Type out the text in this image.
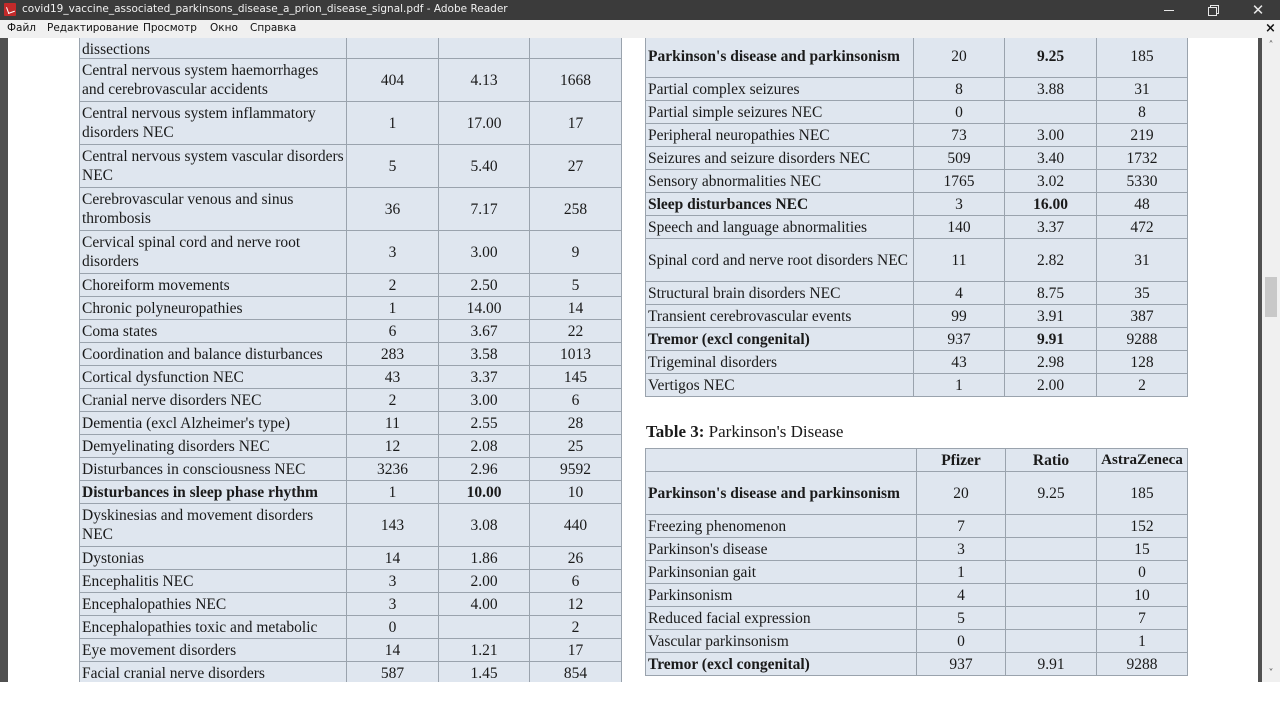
covid19_vaccine_associated_parkinsons_disease_a_prion_disease_signal.pdf - Adobe Reader	✕
Файл Редактирование Просмотр Окно Справка	×
dissections			
Central nervous system haemorrhages and cerebrovascular accidents	404	4.13	1668
Central nervous system inflammatory disorders NEC	1	17.00	17
Central nervous system vascular disorders NEC	5	5.40	27
Cerebrovascular venous and sinus thrombosis	36	7.17	258
Cervical spinal cord and nerve root disorders	3	3.00	9
Choreiform movements	2	2.50	5
Chronic polyneuropathies	1	14.00	14
Coma states	6	3.67	22
Coordination and balance disturbances	283	3.58	1013
Cortical dysfunction NEC	43	3.37	145
Cranial nerve disorders NEC	2	3.00	6
Dementia (excl Alzheimer's type)	11	2.55	28
Demyelinating disorders NEC	12	2.08	25
Disturbances in consciousness NEC	3236	2.96	9592
Disturbances in sleep phase rhythm	1	10.00	10
Dyskinesias and movement disorders NEC	143	3.08	440
Dystonias	14	1.86	26
Encephalitis NEC	3	2.00	6
Encephalopathies NEC	3	4.00	12
Encephalopathies toxic and metabolic	0		2
Eye movement disorders	14	1.21	17
Facial cranial nerve disorders	587	1.45	854
Parkinson's disease and parkinsonism	20	9.25	185
Partial complex seizures	8	3.88	31
Partial simple seizures NEC	0		8
Peripheral neuropathies NEC	73	3.00	219
Seizures and seizure disorders NEC	509	3.40	1732
Sensory abnormalities NEC	1765	3.02	5330
Sleep disturbances NEC	3	16.00	48
Speech and language abnormalities	140	3.37	472
Spinal cord and nerve root disorders NEC	11	2.82	31
Structural brain disorders NEC	4	8.75	35
Transient cerebrovascular events	99	3.91	387
Tremor (excl congenital)	937	9.91	9288
Trigeminal disorders	43	2.98	128
Vertigos NEC	1	2.00	2
Table 3: Parkinson's Disease
	Pfizer	Ratio	AstraZeneca
Parkinson's disease and parkinsonism	20	9.25	185
Freezing phenomenon	7		152
Parkinson's disease	3		15
Parkinsonian gait	1		0
Parkinsonism	4		10
Reduced facial expression	5		7
Vascular parkinsonism	0		1
Tremor (excl congenital)	937	9.91	9288
˄
˅
